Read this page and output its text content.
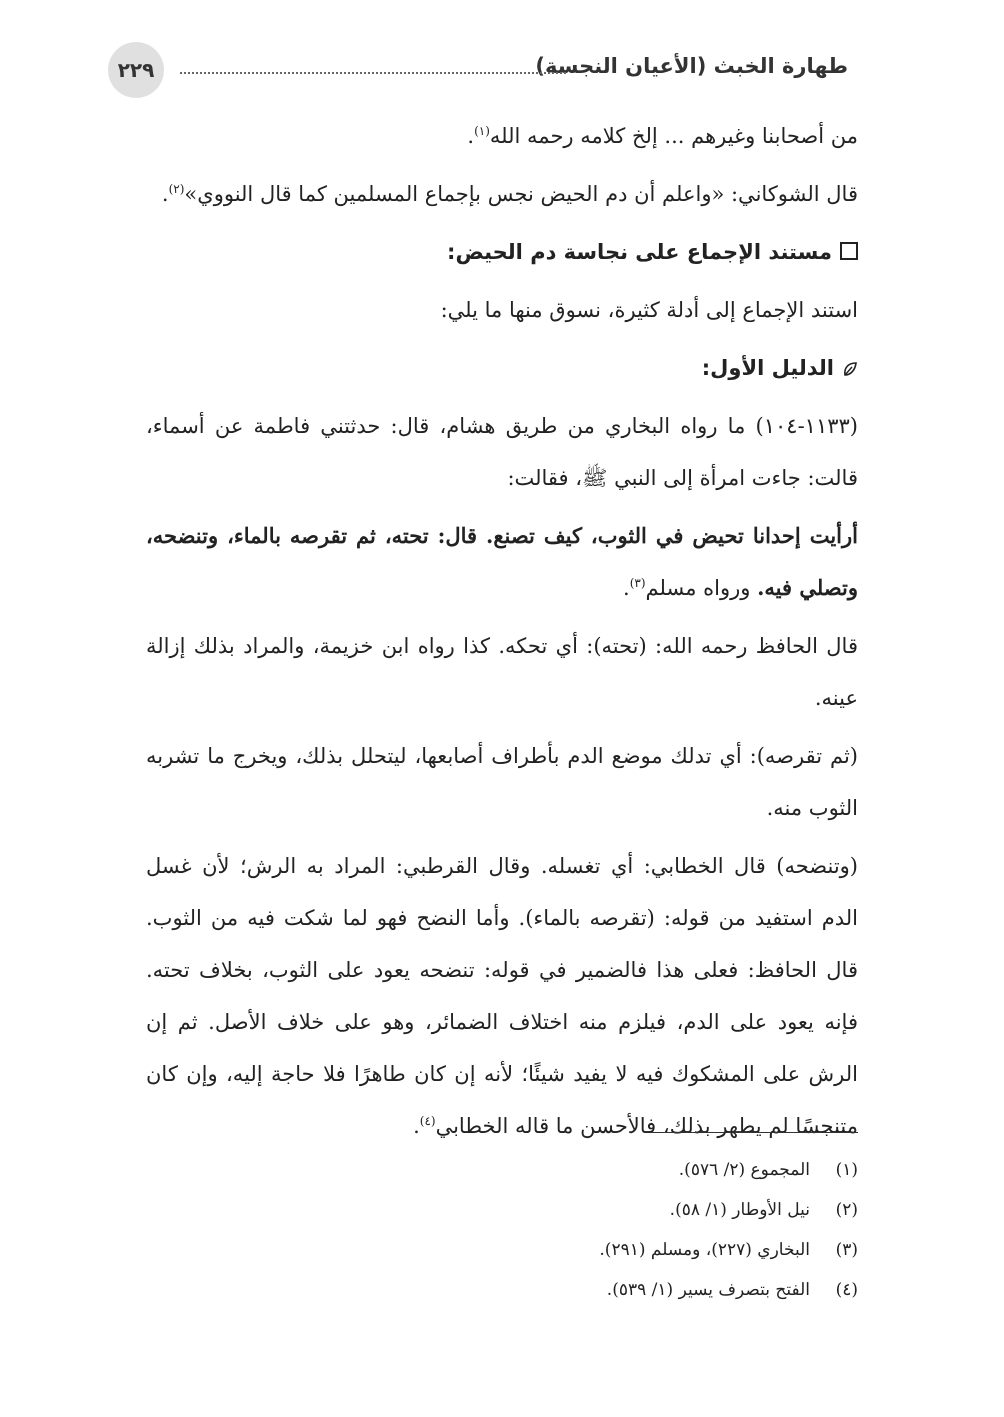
طهارة الخبث (الأعيان النجسة)
٢٢٩

من أصحابنا وغيرهم ... إلخ كلامه رحمه الله$^{(١)}$.

قال الشوكاني: «واعلم أن دم الحيض نجس بإجماع المسلمين كما قال النووي»$^{(٢)}$.

مستند الإجماع على نجاسة دم الحيض:

استند الإجماع إلى أدلة كثيرة، نسوق منها ما يلي:

الدليل الأول:

(١١٣٣-١٠٤) ما رواه البخاري من طريق هشام، قال: حدثتني فاطمة عن أسماء، قالت: جاءت امرأة إلى النبي ﷺ، فقالت:

أرأيت إحدانا تحيض في الثوب، كيف تصنع. قال: تحته، ثم تقرصه بالماء، وتنضحه، وتصلي فيه. ورواه مسلم$^{(٣)}$.

قال الحافظ رحمه الله: (تحته): أي تحكه. كذا رواه ابن خزيمة، والمراد بذلك إزالة عينه.

(ثم تقرصه): أي تدلك موضع الدم بأطراف أصابعها، ليتحلل بذلك، ويخرج ما تشربه الثوب منه.

(وتنضحه) قال الخطابي: أي تغسله. وقال القرطبي: المراد به الرش؛ لأن غسل الدم استفيد من قوله: (تقرصه بالماء). وأما النضح فهو لما شكت فيه من الثوب. قال الحافظ: فعلى هذا فالضمير في قوله: تنضحه يعود على الثوب، بخلاف تحته. فإنه يعود على الدم، فيلزم منه اختلاف الضمائر، وهو على خلاف الأصل. ثم إن الرش على المشكوك فيه لا يفيد شيئًا؛ لأنه إن كان طاهرًا فلا حاجة إليه، وإن كان متنجسًا لم يطهر بذلك، فالأحسن ما قاله الخطابي$^{(٤)}$.

(١)المجموع (٢/ ٥٧٦).
(٢)نيل الأوطار (١/ ٥٨).
(٣)البخاري (٢٢٧)، ومسلم (٢٩١).
(٤)الفتح بتصرف يسير (١/ ٥٣٩).
